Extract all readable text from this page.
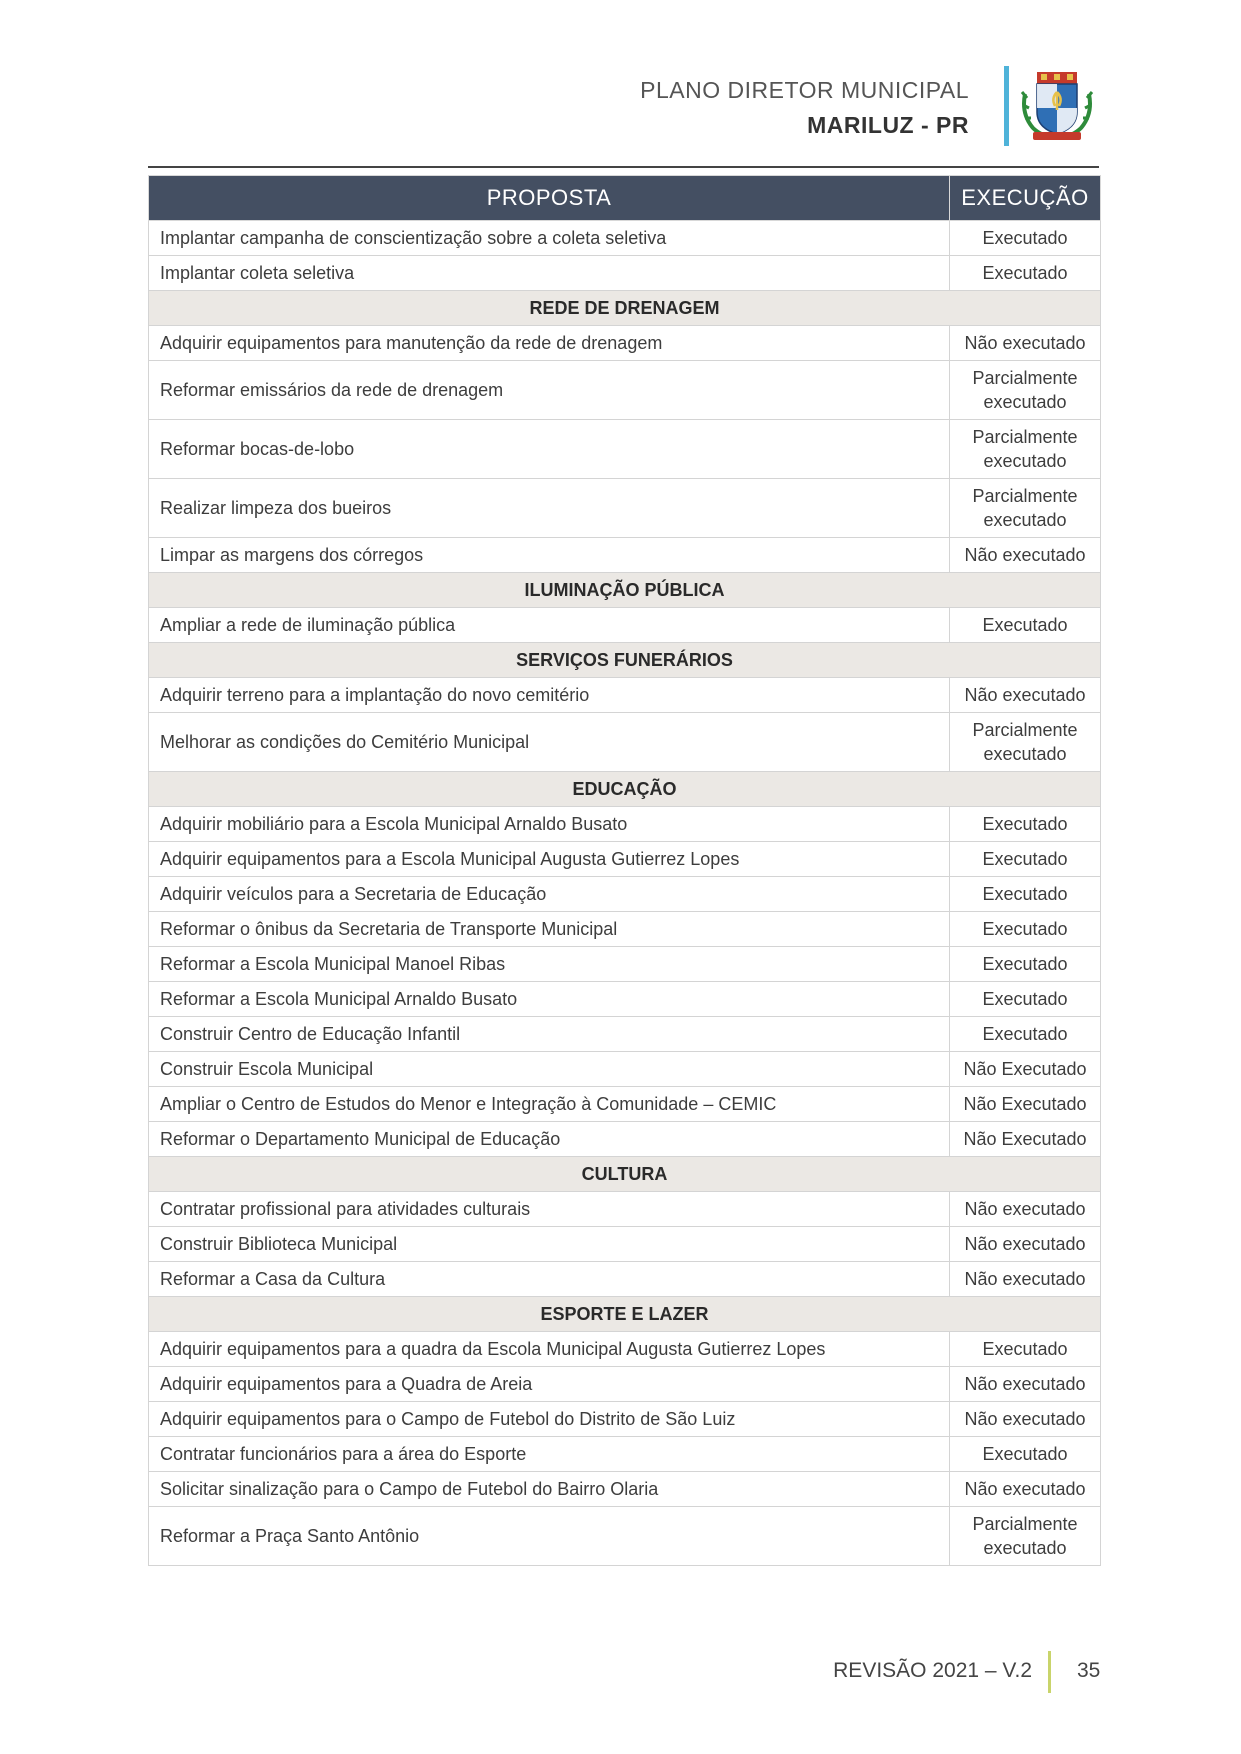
PLANO DIRETOR MUNICIPAL
MARILUZ - PR
PROPOSTA	EXECUÇÃO
Implantar campanha de conscientização sobre a coleta seletiva	Executado
Implantar coleta seletiva	Executado
REDE DE DRENAGEM	
Adquirir equipamentos para manutenção da rede de drenagem	Não executado
Reformar emissários da rede de drenagem	Parcialmente executado
Reformar bocas-de-lobo	Parcialmente executado
Realizar limpeza dos bueiros	Parcialmente executado
Limpar as margens dos córregos	Não executado
ILUMINAÇÃO PÚBLICA	
Ampliar a rede de iluminação pública	Executado
SERVIÇOS FUNERÁRIOS	
Adquirir terreno para a implantação do novo cemitério	Não executado
Melhorar as condições do Cemitério Municipal	Parcialmente executado
EDUCAÇÃO	
Adquirir mobiliário para a Escola Municipal Arnaldo Busato	Executado
Adquirir equipamentos para a Escola Municipal Augusta Gutierrez Lopes	Executado
Adquirir veículos para a Secretaria de Educação	Executado
Reformar o ônibus da Secretaria de Transporte Municipal	Executado
Reformar a Escola Municipal Manoel Ribas	Executado
Reformar a Escola Municipal Arnaldo Busato	Executado
Construir Centro de Educação Infantil	Executado
Construir Escola Municipal	Não Executado
Ampliar o Centro de Estudos do Menor e Integração à Comunidade – CEMIC	Não Executado
Reformar o Departamento Municipal de Educação	Não Executado
CULTURA	
Contratar profissional para atividades culturais	Não executado
Construir Biblioteca Municipal	Não executado
Reformar a Casa da Cultura	Não executado
ESPORTE E LAZER	
Adquirir equipamentos para a quadra da Escola Municipal Augusta Gutierrez Lopes	Executado
Adquirir equipamentos para a Quadra de Areia	Não executado
Adquirir equipamentos para o Campo de Futebol do Distrito de São Luiz	Não executado
Contratar funcionários para a área do Esporte	Executado
Solicitar sinalização para o Campo de Futebol do Bairro Olaria	Não executado
Reformar a Praça Santo Antônio	Parcialmente executado
REVISÃO 2021 – V.2 35
